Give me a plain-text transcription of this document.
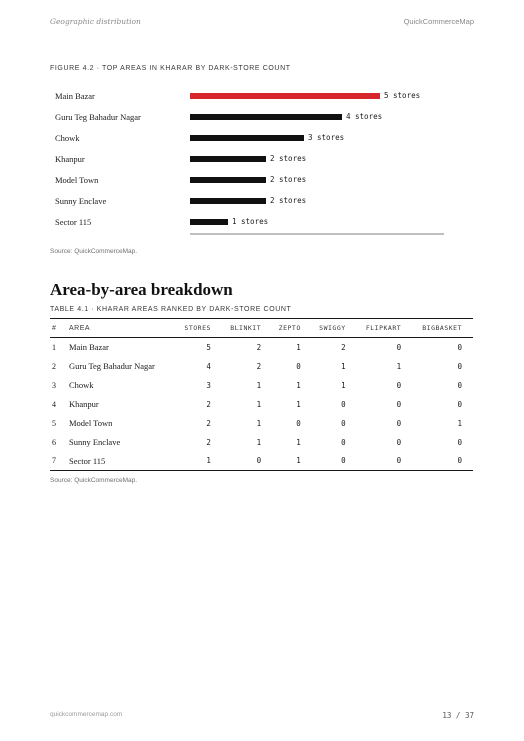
Geographic distribution	QuickCommerceMap
FIGURE 4.2 · TOP AREAS IN KHARAR BY DARK-STORE COUNT
Main Bazar	5 stores
Guru Teg Bahadur Nagar	4 stores
Chowk	3 stores
Khanpur	2 stores
Model Town	2 stores
Sunny Enclave	2 stores
Sector 115	1 stores
Source: QuickCommerceMap.
Area-by-area breakdown
TABLE 4.1 · KHARAR AREAS RANKED BY DARK-STORE COUNT
#	AREA	STORES	BLINKIT	ZEPTO	SWIGGY	FLIPKART	BIGBASKET
1	Main Bazar	5	2	1	2	0	0
2	Guru Teg Bahadur Nagar	4	2	0	1	1	0
3	Chowk	3	1	1	1	0	0
4	Khanpur	2	1	1	0	0	0
5	Model Town	2	1	0	0	0	1
6	Sunny Enclave	2	1	1	0	0	0
7	Sector 115	1	0	1	0	0	0
Source: QuickCommerceMap.
quickcommercemap.com	13 / 37
